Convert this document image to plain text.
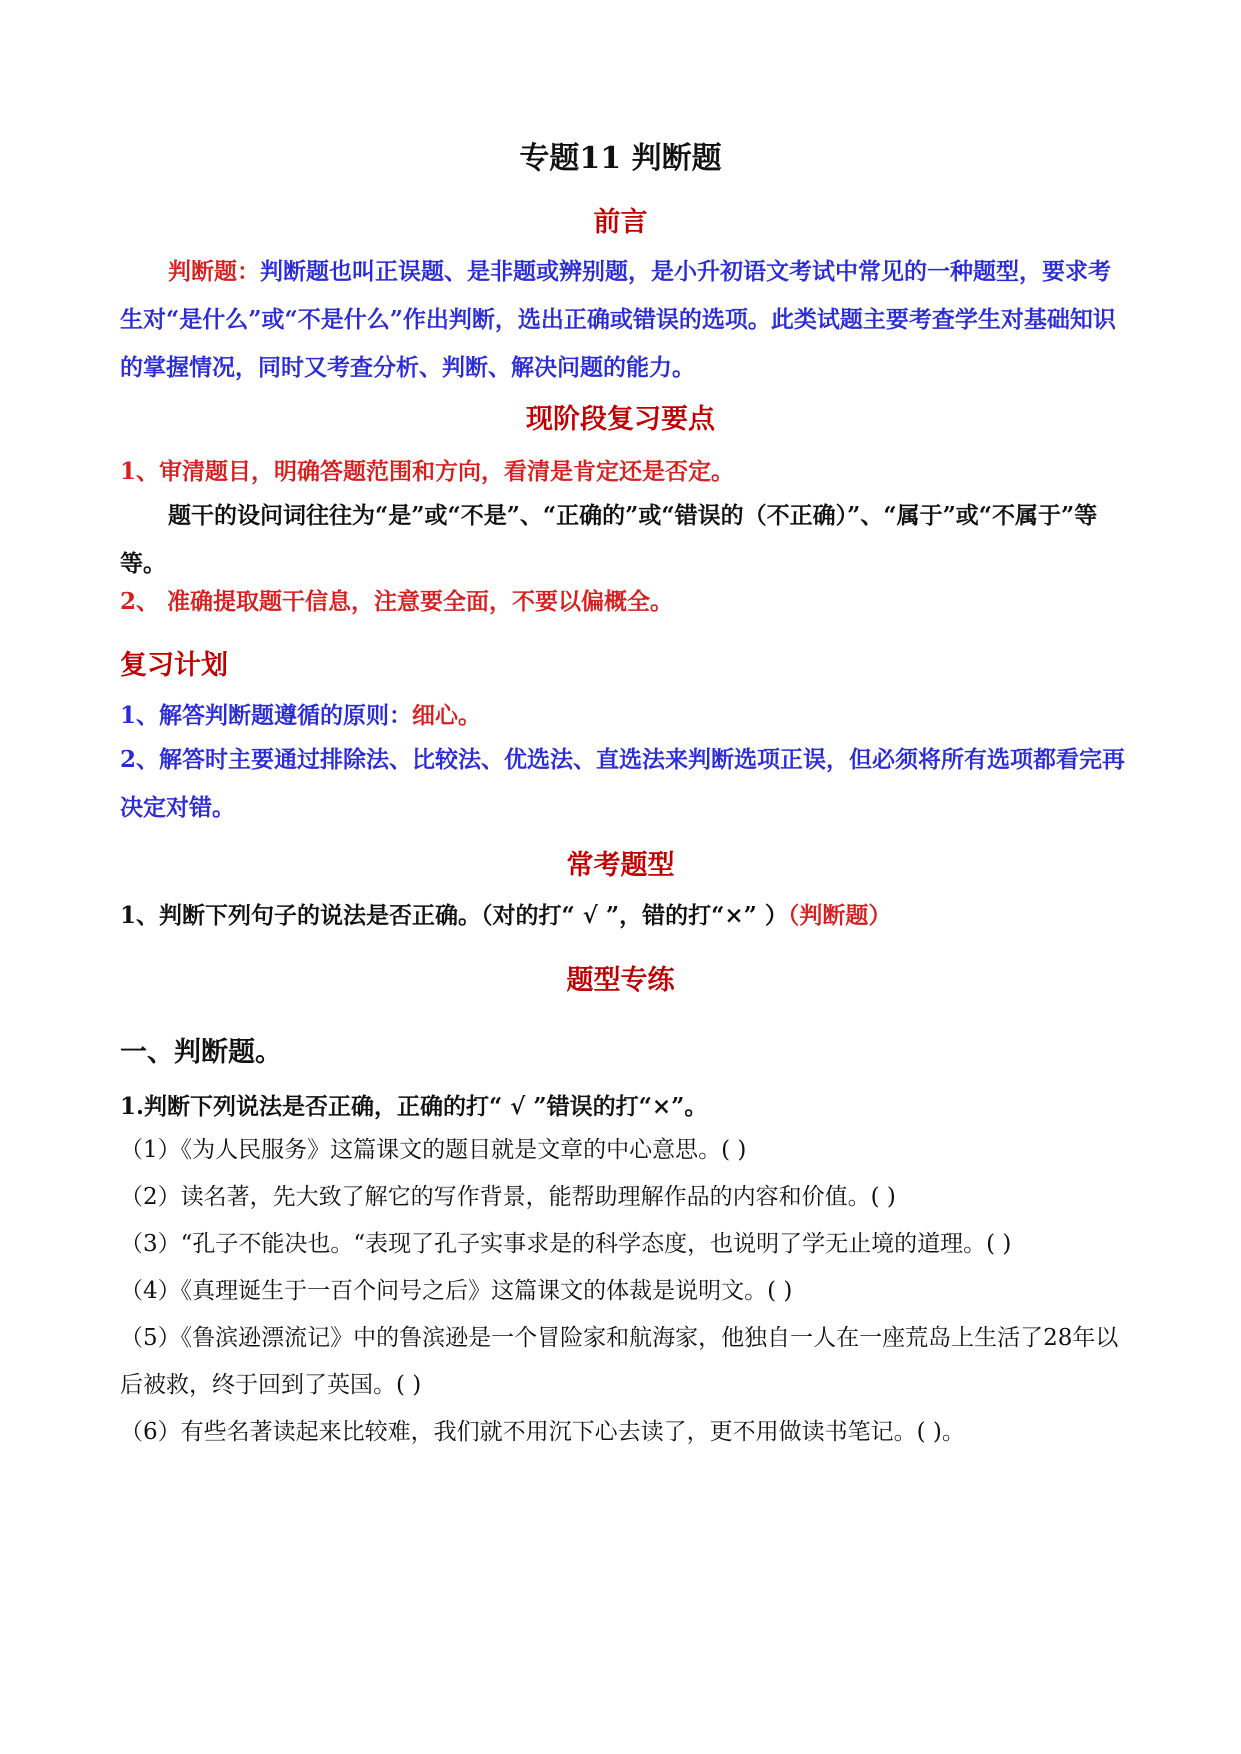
专题11 判断题
前言
判断题：判断题也叫正误题、是非题或辨别题，是小升初语文考试中常见的一种题型，要求考生对“是什么”或“不是什么”作出判断，选出正确或错误的选项。此类试题主要考查学生对基础知识的掌握情况，同时又考查分析、判断、解决问题的能力。
现阶段复习要点
1、审清题目，明确答题范围和方向，看清是肯定还是否定。
题干的设问词往往为“是”或“不是”、“正确的”或“错误的（不正确）”、“属于”或“不属于”等等。
2、 准确提取题干信息，注意要全面，不要以偏概全。
复习计划
1、解答判断题遵循的原则：细心。
2、解答时主要通过排除法、比较法、优选法、直选法来判断选项正误，但必须将所有选项都看完再决定对错。
常考题型
1、判断下列句子的说法是否正确。（对的打“ √ ”，错的打“×” ）（判断题）
题型专练
一、判断题。
1.判断下列说法是否正确，正确的打“ √ ”错误的打“×”。
（1）《为人民服务》这篇课文的题目就是文章的中心意思。( )
（2）读名著，先大致了解它的写作背景，能帮助理解作品的内容和价值。( )
（3）“孔子不能决也。“表现了孔子实事求是的科学态度，也说明了学无止境的道理。( )
（4）《真理诞生于一百个问号之后》这篇课文的体裁是说明文。( )
（5）《鲁滨逊漂流记》中的鲁滨逊是一个冒险家和航海家，他独自一人在一座荒岛上生活了28年以后被救，终于回到了英国。( )
（6）有些名著读起来比较难，我们就不用沉下心去读了，更不用做读书笔记。( )。
